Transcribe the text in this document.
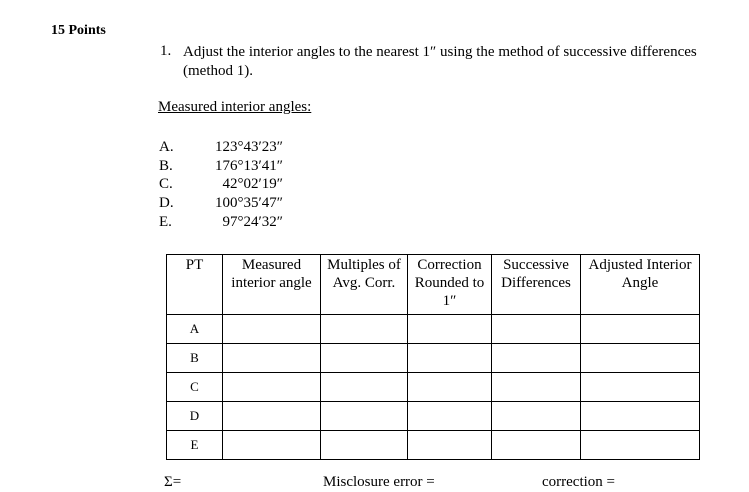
15 Points
1. Adjust the interior angles to the nearest 1″ using the method of successive differences (method 1).
Measured interior angles:
A.	123°43′23″
B.	176°13′41″
C.	42°02′19″
D.	100°35′47″
E.	97°24′32″
PT	Measured interior angle	Multiples of Avg. Corr.	Correction Rounded to 1″	Successive Differences	Adjusted Interior Angle
A					
B					
C					
D					
E					
Σ=	Misclosure error =	correction =
